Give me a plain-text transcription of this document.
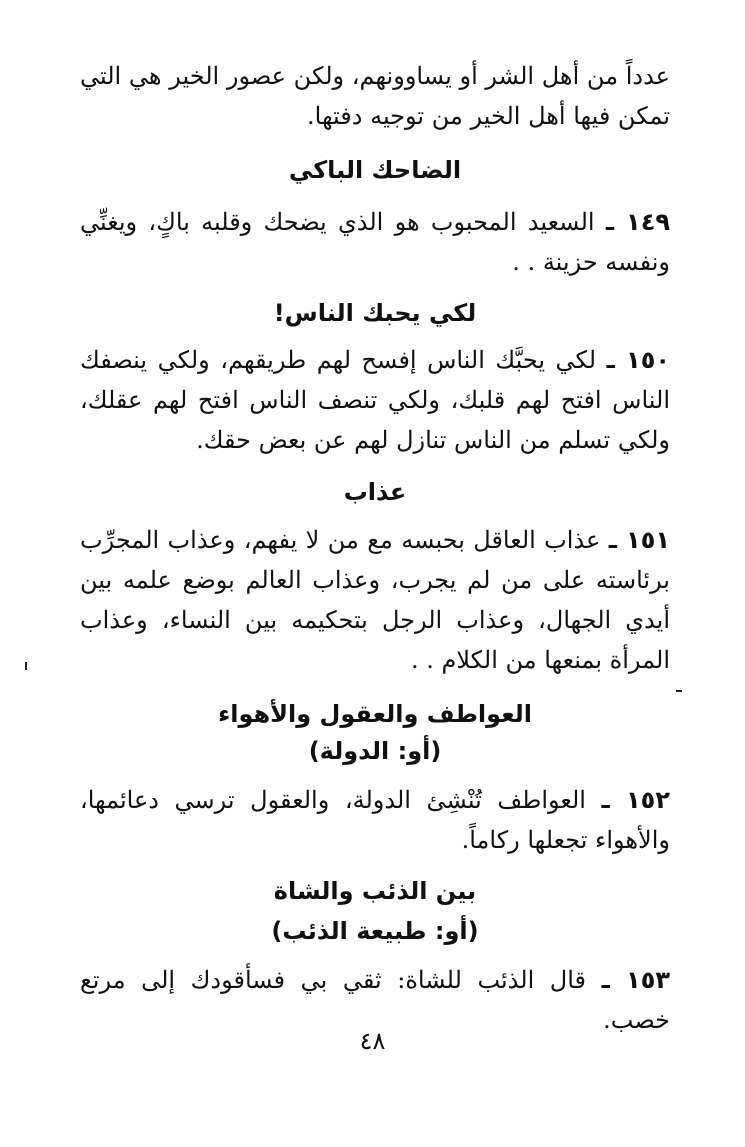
عدداً من أهل الشر أو يساوونهم، ولكن عصور الخير هي التي تمكن فيها أهل الخير من توجيه دفتها.

الضاحك الباكي

١٤٩ ـ السعيد المحبوب هو الذي يضحك وقلبه باكٍ، ويغنِّي ونفسه حزينة . .

لكي يحبك الناس!

١٥٠ ـ لكي يحبَّك الناس إفسح لهم طريقهم، ولكي ينصفك الناس افتح لهم قلبك، ولكي تنصف الناس افتح لهم عقلك، ولكي تسلم من الناس تنازل لهم عن بعض حقك.

عذاب

١٥١ ـ عذاب العاقل بحبسه مع من لا يفهم، وعذاب المجرِّب برئاسته على من لم يجرب، وعذاب العالم بوضع علمه بين أيدي الجهال، وعذاب الرجل بتحكيمه بين النساء، وعذاب المرأة بمنعها من الكلام . .

العواطف والعقول والأهواء
(أو: الدولة)

١٥٢ ـ العواطف تُنْشِئ الدولة، والعقول ترسي دعائمها، والأهواء تجعلها ركاماً.

بين الذئب والشاة
(أو: طبيعة الذئب)

١٥٣ ـ قال الذئب للشاة: ثقي بي فسأقودك إلى مرتع خصب.

٤٨
